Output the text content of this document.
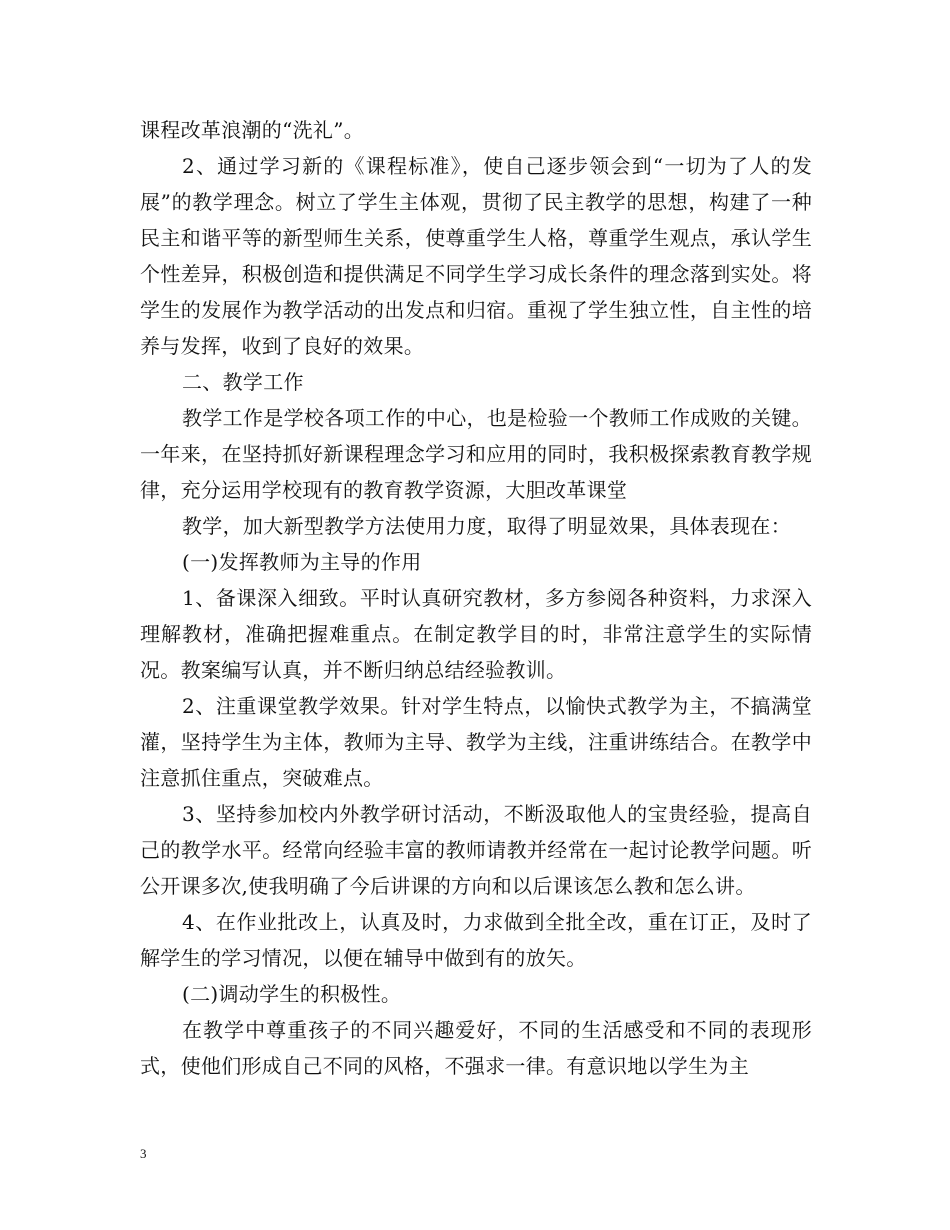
课程改革浪潮的“洗礼”。

2、通过学习新的《课程标准》，使自己逐步领会到“一切为了人的发展”的教学理念。树立了学生主体观，贯彻了民主教学的思想，构建了一种民主和谐平等的新型师生关系，使尊重学生人格，尊重学生观点，承认学生个性差异，积极创造和提供满足不同学生学习成长条件的理念落到实处。将学生的发展作为教学活动的出发点和归宿。重视了学生独立性，自主性的培养与发挥，收到了良好的效果。

二、教学工作

教学工作是学校各项工作的中心，也是检验一个教师工作成败的关键。一年来，在坚持抓好新课程理念学习和应用的同时，我积极探索教育教学规律，充分运用学校现有的教育教学资源，大胆改革课堂

教学，加大新型教学方法使用力度，取得了明显效果，具体表现在：

(一)发挥教师为主导的作用

1、备课深入细致。平时认真研究教材，多方参阅各种资料，力求深入理解教材，准确把握难重点。在制定教学目的时，非常注意学生的实际情况。教案编写认真，并不断归纳总结经验教训。

2、注重课堂教学效果。针对学生特点，以愉快式教学为主，不搞满堂灌，坚持学生为主体，教师为主导、教学为主线，注重讲练结合。在教学中注意抓住重点，突破难点。

3、坚持参加校内外教学研讨活动，不断汲取他人的宝贵经验，提高自己的教学水平。经常向经验丰富的教师请教并经常在一起讨论教学问题。听公开课多次,使我明确了今后讲课的方向和以后课该怎么教和怎么讲。

4、在作业批改上，认真及时，力求做到全批全改，重在订正，及时了解学生的学习情况，以便在辅导中做到有的放矢。

(二)调动学生的积极性。

在教学中尊重孩子的不同兴趣爱好，不同的生活感受和不同的表现形式，使他们形成自己不同的风格，不强求一律。有意识地以学生为主

3
